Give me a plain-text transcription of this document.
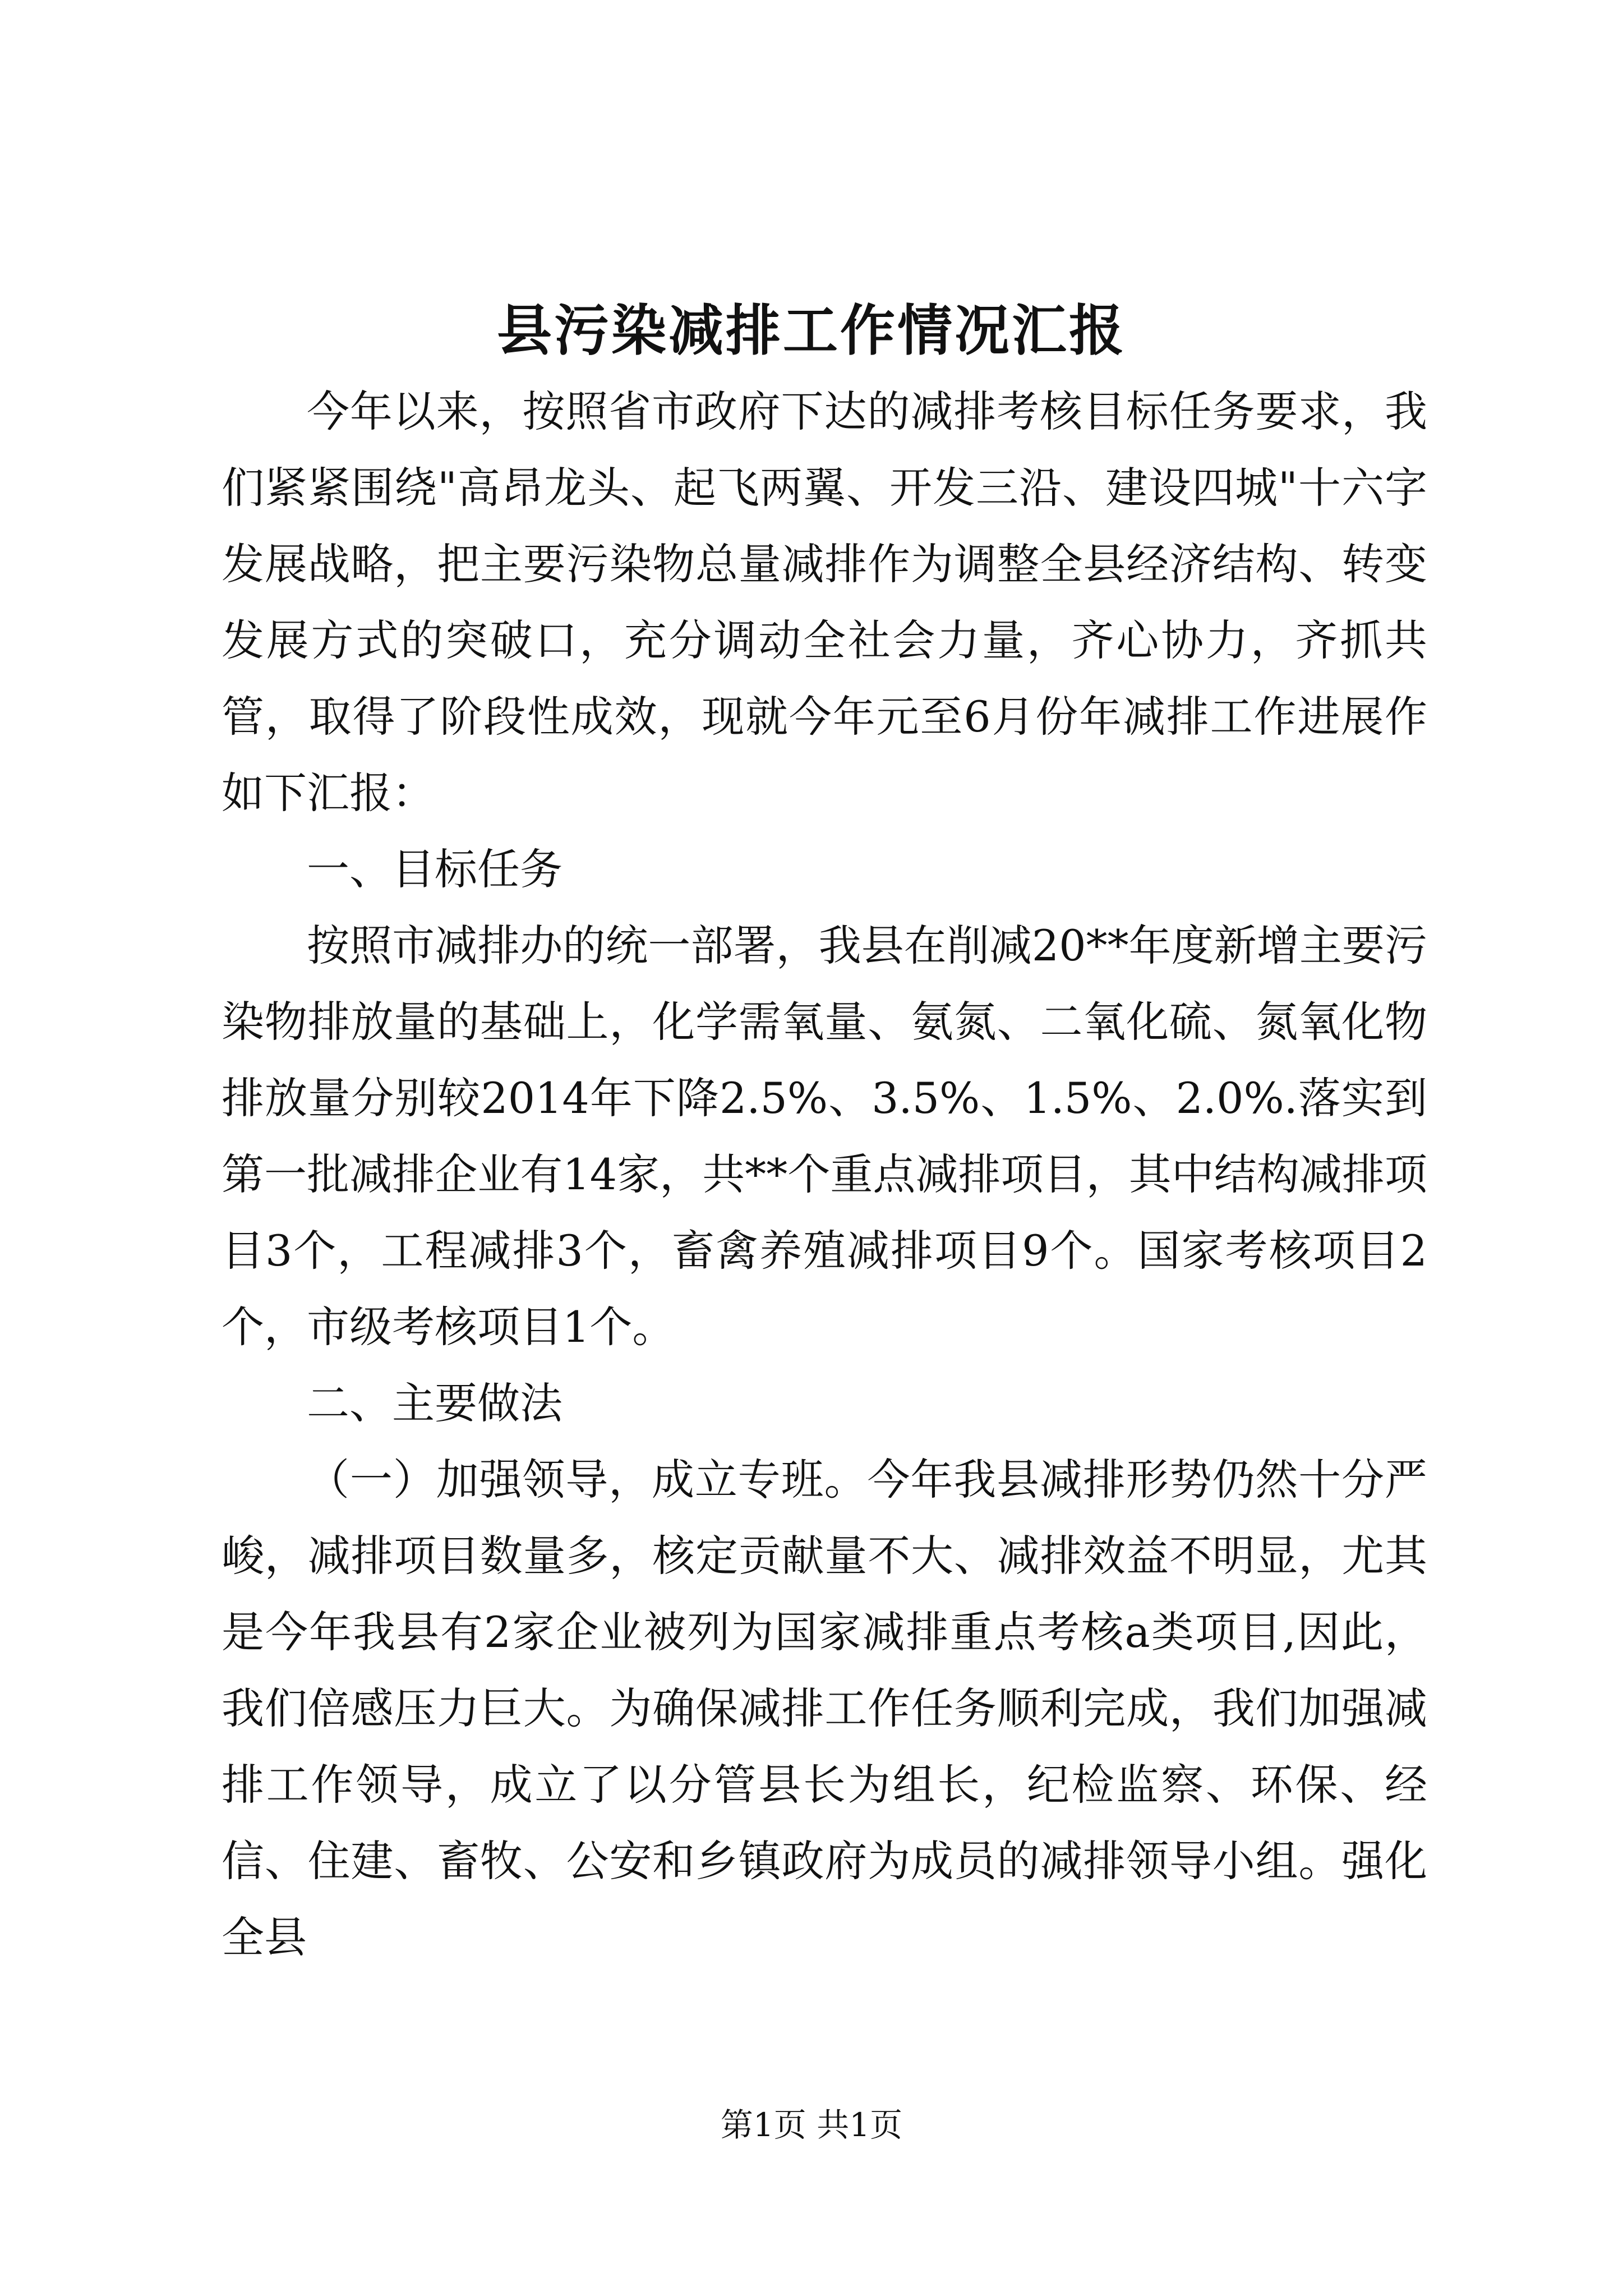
县污染减排工作情况汇报

今年以来，按照省市政府下达的减排考核目标任务要求，我们紧紧围绕"高昂龙头、起飞两翼、开发三沿、建设四城"十六字发展战略，把主要污染物总量减排作为调整全县经济结构、转变发展方式的突破口，充分调动全社会力量，齐心协力，齐抓共管，取得了阶段性成效，现就今年元至6月份年减排工作进展作如下汇报：

一、目标任务

按照市减排办的统一部署，我县在削减20**年度新增主要污染物排放量的基础上，化学需氧量、氨氮、二氧化硫、氮氧化物排放量分别较2014年下降2.5%、3.5%、1.5%、2.0%.落实到第一批减排企业有14家，共**个重点减排项目，其中结构减排项目3个，工程减排3个，畜禽养殖减排项目9个。国家考核项目2个，市级考核项目1个。

二、主要做法

（一）加强领导，成立专班。今年我县减排形势仍然十分严峻，减排项目数量多，核定贡献量不大、减排效益不明显，尤其是今年我县有2家企业被列为国家减排重点考核a类项目,因此，我们倍感压力巨大。为确保减排工作任务顺利完成，我们加强减排工作领导，成立了以分管县长为组长，纪检监察、环保、经信、住建、畜牧、公安和乡镇政府为成员的减排领导小组。强化全县

第1页 共1页
